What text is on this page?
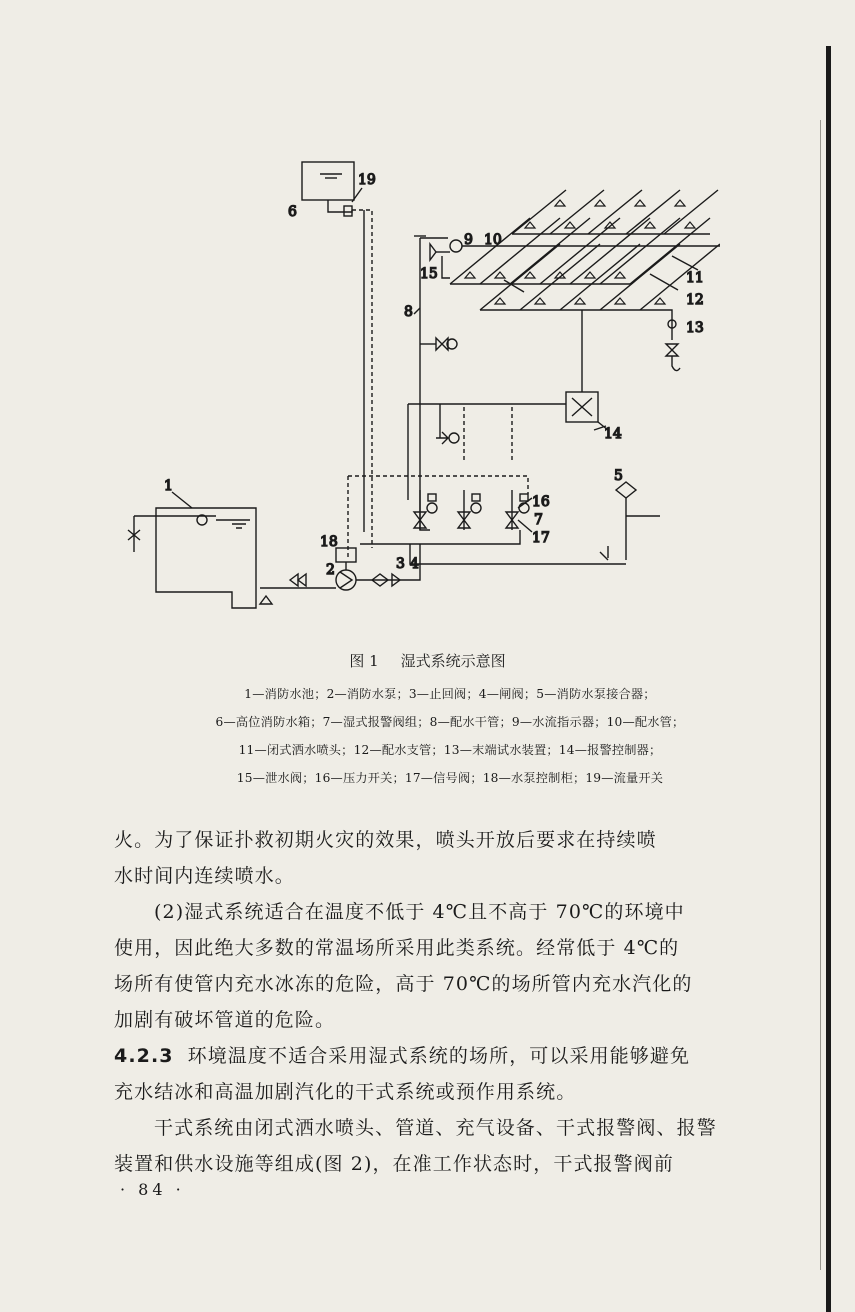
1
2	3 4
5
6
7
8
9 10
11
12
13
14
15
16
17
18
19
图 1 湿式系统示意图
1—消防水池；2—消防水泵；3—止回阀；4—闸阀；5—消防水泵接合器；
6—高位消防水箱；7—湿式报警阀组；8—配水干管；9—水流指示器；10—配水管；
11—闭式洒水喷头；12—配水支管；13—末端试水装置；14—报警控制器；
15—泄水阀；16—压力开关；17—信号阀；18—水泵控制柜；19—流量开关
火。为了保证扑救初期火灾的效果，喷头开放后要求在持续喷
水时间内连续喷水。
(2)湿式系统适合在温度不低于 4℃且不高于 70℃的环境中
使用，因此绝大多数的常温场所采用此类系统。经常低于 4℃的
场所有使管内充水冰冻的危险，高于 70℃的场所管内充水汽化的
加剧有破坏管道的危险。
4.2.3 环境温度不适合采用湿式系统的场所，可以采用能够避免
充水结冰和高温加剧汽化的干式系统或预作用系统。
干式系统由闭式洒水喷头、管道、充气设备、干式报警阀、报警
装置和供水设施等组成(图 2)，在准工作状态时，干式报警阀前
· 84 ·
